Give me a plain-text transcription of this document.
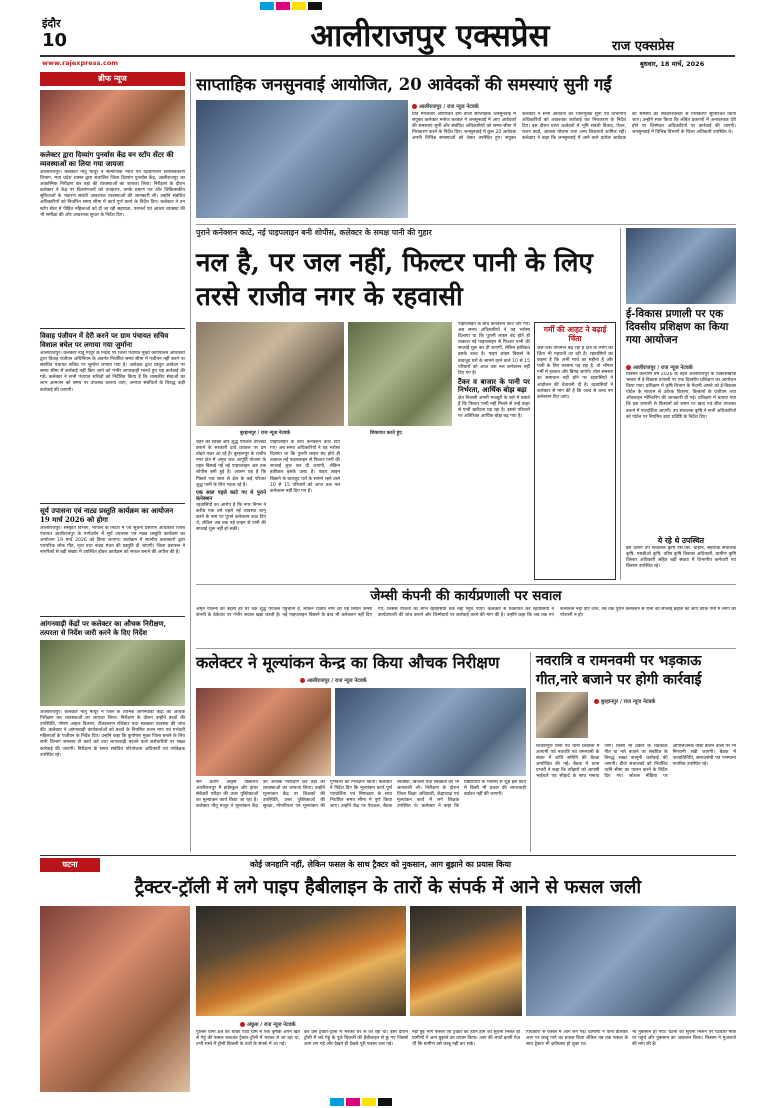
इंदौर
10	आलीराजपुर एक्सप्रेस	राज एक्सप्रेस
www.rajexpress.com	बुधवार, 18 मार्च, 2026
ब्रीफ न्यूज
कलेक्टर द्वारा दिव्यांग पुनर्वास केंद्र वन स्टॉप सेंटर की व्यवस्थाओं का लिया गया जायजा
आलीराजपुर। कलेक्टर नीतू माथुर ने सामाजिक न्याय एवं दिव्यांगजन सशक्तिकरण विभाग, मध्य प्रदेश शासन द्वारा संचालित जिला दिव्यांग पुनर्वास केंद्र, आलीराजपुर का आकस्मिक निरीक्षण कर वहां की व्यवस्थाओं का जायजा लिया। निरीक्षण के दौरान कलेक्टर ने केंद्र पर दिव्यांगजनों को उपकरण, उनके प्रमाण पत्र और चिकित्सकीय सुविधाओं के भंडारण संबंधी आवश्यक व्यवस्थाओं की जानकारी ली। उन्होंने संबंधित अधिकारियों को निर्धारित समय सीमा में कार्य पूर्ण करने के निर्देश दिए। कलेक्टर ने वन स्टॉप सेंटर में पीड़ित महिलाओं को दी जा रही सहायता, परामर्श एवं आश्रय व्यवस्था की भी समीक्षा की और आवश्यक सुधार के निर्देश दिए।
विवाह पंजीयन में देरी करने पर ग्राम पंचायत सचिव विशाल बघेल पर लगाया गया जुर्माना
आलीराजपुर। कलेक्टर नीतू माथुर के निर्देश पर जिला पंचायत मुख्य कार्यपालन अधिकारी द्वारा विवाह पंजीयन अधिनियम के अंतर्गत निर्धारित समय सीमा में पंजीयन नहीं करने पर संबंधित पंचायत सचिव पर जुर्माना लगाया गया है। आवेदक द्वारा प्रस्तुत आवेदन पर समय सीमा में कार्रवाई नहीं किए जाने को गंभीर लापरवाही मानते हुए यह कार्रवाई की गई। कलेक्टर ने सभी पंचायत सचिवों को निर्देशित किया है कि शासकीय सेवाओं का लाभ आमजन को समय पर उपलब्ध कराया जाए, अन्यथा संबंधितों के विरुद्ध कड़ी कार्रवाई की जाएगी।
सूर्य उपासना एवं नाट्य प्रस्तुति कार्यक्रम का आयोजन 19 मार्च 2026 को होगा
आलीराजपुर। संस्कृति विभाग, भोपाल के निर्देश में एवं सूचना प्रसारण अधिकारी जिला पंचायत आलीराजपुर के मार्गदर्शन में सूर्य उपासना एवं नाट्य प्रस्तुति कार्यक्रम का आयोजन 19 मार्च 2026 को किया जाएगा। कार्यक्रम में स्थानीय कलाकारों द्वारा पारंपरिक लोक गीत, नृत्य तथा नाट्य मंचन की प्रस्तुति दी जाएगी। जिला प्रशासन ने नागरिकों से बड़ी संख्या में उपस्थित होकर कार्यक्रम को सफल बनाने की अपील की है।
आंगनवाड़ी केंद्रों पर कलेक्टर का औचक निरीक्षण, तत्परता से निर्देश जारी करने के दिए निर्देश
आलीराजपुर। कलेक्टर नीतू माथुर ने जिले के विभिन्न आंगनवाड़ी केंद्रों का औचक निरीक्षण कर व्यवस्थाओं का जायजा लिया। निरीक्षण के दौरान उन्होंने बच्चों की उपस्थिति, पोषण आहार वितरण, टीकाकरण रजिस्टर तथा स्वच्छता व्यवस्था की जांच की। कलेक्टर ने आंगनवाड़ी कार्यकर्ताओं को बच्चों के नियमित वजन माप एवं गर्भवती महिलाओं के पंजीयन के निर्देश दिए। उन्होंने कहा कि कुपोषण मुक्त जिला बनाने के लिए सभी विभाग समन्वय से कार्य करें तथा लापरवाही बरतने वाले कर्मचारियों पर सख्त कार्रवाई की जाएगी। निरीक्षण के समय संबंधित परियोजना अधिकारी एवं पर्यवेक्षक उपस्थित रहे।
साप्ताहिक जनसुनवाई आयोजित, 20 आवेदकों की समस्याएं सुनी गईं
आलीराजपुर / राज न्यूज नेटवर्क
प्रति मंगलवार आयोजित होने वाली साप्ताहिक जनसुनवाई में संयुक्त कलेक्टर मनोज करबल ने जनसुनवाई में आए आवेदकों की समस्याएं सुनीं और संबंधित अधिकारियों को समय-सीमा में निराकरण करने के निर्देश दिए। जनसुनवाई में कुल 20 आवेदक अपनी विभिन्न समस्याओं को लेकर उपस्थित हुए। संयुक्त कलेक्टर ने सभी आवेदनों को ध्यानपूर्वक सुना एवं विभागीय अधिकारियों को आवश्यक कार्रवाई कर निराकरण के निर्देश दिए। इस दौरान प्राप्त आवेदनों में भूमि संबंधी विवाद, पेंशन, राशन कार्ड, आवास योजना तथा अन्य शिकायतें शामिल रहीं। कलेक्टर ने कहा कि जनसुनवाई में आने वाले प्रत्येक आवेदक की समस्या का संवेदनशीलता से निराकरण सुनिश्चित किया जाए। उन्होंने स्पष्ट किया कि लंबित प्रकरणों में अनावश्यक देरी होने पर जिम्मेदार अधिकारियों पर कार्रवाई की जाएगी। जनसुनवाई में विभिन्न विभागों के जिला अधिकारी उपस्थित थे।
पुराने कनेक्शन काटे, नई पाइपलाइन बनी शोपीस, कलेक्टर के समक्ष पानी की गुहार
नल है, पर जल नहीं, फिल्टर पानी के लिए तरसे राजीव नगर के रहवासी
बुरहानपुर / राज न्यूज नेटवर्क	शिकायत करते हुए
शहर की स्वच्छ और शुद्ध पेयजल उपलब्ध कराने के सरकारी दावे धरातल पर दम तोड़ते नजर आ रहे हैं। बुरहानपुर के राजीव नगर क्षेत्र में अमृत जल आपूर्ति योजना के तहत बिछाई गई नई पाइपलाइन अब तक शोपीस बनी हुई है। आलम यह है कि पिछले एक साल से क्षेत्र के कई परिवार शुद्ध पानी के लिए भटक रहे हैं।
एक साल पहले काटे गए थे पुराने कनेक्शन
रहवासियों का आरोप है कि नगर निगम ने करीब एक वर्ष पहले नई व्यवस्था लागू करने के नाम पर पुराने कनेक्शन काट दिए थे, लेकिन अब तक नई लाइन से पानी की सप्लाई शुरू नहीं हो सकी।
पाइपलाइन के बीच कनेक्शन काट दिए गए। अब समय अधिकारियों ने यह भरोसा दिलाया था कि पुरानी लाइन बंद होते ही तत्काल नई पाइपलाइन से फिल्टर पानी की सप्लाई शुरू कर दी जाएगी, लेकिन हकीकत इसके उलट है। पाइप लाइन बिछाने के बावजूद घरों के सामने रहने वाले 10 से 15 परिवारों को आज तक नल कनेक्शन नहीं दिए गए हैं।
पाइपलाइन के बीच कनेक्शन काट दिए गए। अब समय अधिकारियों ने यह भरोसा दिलाया था कि पुरानी लाइन बंद होते ही तत्काल नई पाइपलाइन से फिल्टर पानी की सप्लाई शुरू कर दी जाएगी, लेकिन हकीकत इसके उलट है। पाइप लाइन बिछाने के बावजूद घरों के सामने रहने वाले 10 से 15 परिवारों को आज तक नल कनेक्शन नहीं दिए गए हैं।
टैंकर व बाजार के पानी पर निर्भरता, आर्थिक बोझ बढ़ा
क्षेत्र निवासी अपनी मजबूरी के बारे में बताते हैं कि फिल्टर पानी नहीं मिलने से उन्हें बाहर से पानी खरीदना पड़ रहा है। इससे परिवारों पर अतिरिक्त आर्थिक बोझ बढ़ गया है।
गर्मी की आहट ने बढ़ाई चिंता
जैसे-जैसे तापमान बढ़ रहा है क्षेत्र के लोगों की चिंता भी गहराती जा रही है। रहवासियों का कहना है कि अभी मार्च का महीना है और पानी के लिए तरसना पड़ रहा है, तो भीषण गर्मी में हालात और बिगड़ जाएंगे। ठोस समस्या का समाधान नहीं होने पर रहवासियों ने आंदोलन की चेतावनी दी है। रहवासियों ने कलेक्टर से मांग की है कि जल्द से जल्द नए कनेक्शन दिए जाएं।
ई-विकास प्रणाली पर एक दिवसीय प्रशिक्षण का किया गया आयोजन
आलीराजपुर / राज न्यूज नेटवर्क
किसान कल्याण वर्ष 2026 के तहत आलीराजपुर के विकासखण्ड भाबरा में ई-विकास प्रणाली पर एक दिवसीय प्रशिक्षण का आयोजन किया गया। प्रशिक्षण में कृषि विभाग के मैदानी अमले को ई-विकास पोर्टल के माध्यम से उर्वरक वितरण, किसानों के पंजीयन तथा ऑनलाइन मॉनिटरिंग की जानकारी दी गई। प्रशिक्षण में बताया गया कि इस प्रणाली से किसानों को समय पर खाद एवं बीज उपलब्ध कराने में पारदर्शिता आएगी। उप संचालक कृषि ने सभी अधिकारियों को पोर्टल पर नियमित डाटा प्रविष्टि के निर्देश दिए।
ये रहे थे उपस्थित
इस दौरान उप संचालक कृषि एस.एस. चौहान, सहायक संचालक कृषि, एसडीओ कृषि, वरिष्ठ कृषि विकास अधिकारी, ग्रामीण कृषि विस्तार अधिकारी सहित बड़ी संख्या में विभागीय कर्मचारी एवं किसान उपस्थित रहे।
जेम्सी कंपनी की कार्यप्रणाली पर सवाल
अमृत योजना का उद्देश्य हर घर तक शुद्ध पेयजल पहुंचाना है, लेकिन राजीव नगर की यह स्थिति जेम्सी कंपनी के ठेकेदार पर गंभीर सवाल खड़ा करती है। नई पाइपलाइन बिछाने के बाद भी कनेक्शन नहीं दिए गए, जिससे योजना का लाभ रहवासियों तक नहीं पहुंच पाया। कलेक्टर से शिकायत कर रहवासियों ने कार्यप्रणाली की जांच कराने और जिम्मेदारों पर कार्रवाई करने की मांग की है। उन्होंने कहा कि जब तक नए कनेक्शन नहीं दिए जाते, तब तक पुराने कनेक्शन से पानी की सप्लाई बहाल की जाए ताकि गर्मी में लोगों को परेशानी न हो।
कलेक्टर ने मूल्यांकन केन्द्र का किया औचक निरीक्षण
आलीराजपुर / राज न्यूज नेटवर्क
सन प्रताप उत्कृष्ट विद्यालय आलीराजपुर में हाईस्कूल और हायर सेकेंडरी परीक्षा की उत्तर पुस्तिकाओं का मूल्यांकन कार्य किया जा रहा है। कलेक्टर नीतू माथुर ने मूल्यांकन केंद्र का औचक निरीक्षण कर वहां की व्यवस्थाओं का जायजा लिया। उन्होंने मूल्यांकन केंद्र पर शिक्षकों की उपस्थिति, उत्तर पुस्तिकाओं की सुरक्षा, गोपनीयता एवं मूल्यांकन की गुणवत्ता का निरीक्षण किया। कलेक्टर ने निर्देश दिए कि मूल्यांकन कार्य पूर्ण पारदर्शिता एवं निष्पक्षता के साथ निर्धारित समय सीमा में पूर्ण किया जाए। उन्होंने केंद्र पर पेयजल, बैठक व्यवस्था, बिजली तथा स्वच्छता की भी जानकारी ली। निरीक्षण के दौरान जिला शिक्षा अधिकारी, केंद्राध्यक्ष एवं मूल्यांकन कार्य में लगे शिक्षक उपस्थित थे। कलेक्टर ने कहा कि विद्यार्थियों के भविष्य से जुड़े इस कार्य में किसी भी प्रकार की लापरवाही बर्दाश्त नहीं की जाएगी।
नवरात्रि व रामनवमी पर भड़काऊ गीत,नारे बजाने पर होगी कार्रवाई
बुरहानपुर / राज न्यूज नेटवर्क
शिकारपुरा थाना एवं थाना लिबोला में आगामी पर्व नवरात्रि एवं रामनवमी के संबंध में शांति समिति की बैठक आयोजित की गई। बैठक में थाना प्रभारी ने कहा कि त्यौहारों को आपसी भाईचारे एवं सौहार्द के साथ मनाया जाए। किसी भी प्रकार के भड़काऊ गीत या नारे बजाने पर संबंधित के विरुद्ध सख्त कानूनी कार्रवाई की जाएगी। डीजे संचालकों को निर्धारित ध्वनि सीमा का पालन करने के निर्देश दिए गए। सोशल मीडिया पर आपत्तिजनक पोस्ट डालने वालों पर भी निगरानी रखी जाएगी। बैठक में जनप्रतिनिधि, समाजसेवी एवं गणमान्य नागरिक उपस्थित रहे।
घटना	कोई जनहानि नहीं, लेकिन फसल के साथ ट्रैक्टर को नुकसान, आग बुझाने का प्रयास किया
ट्रैक्टर-ट्रॉली में लगे पाइप हैबीलाइन के तारों के संपर्क में आने से फसल जली
अंकुश / राज न्यूज नेटवर्क
पुलिस थाना क्षेत्र की चौकी पाटी ग्राम में एक कृषक अपने खेत से गेहूं की फसल काटकर ट्रैक्टर-ट्रॉली में भरकर ले जा रहा था, तभी रास्ते में ट्रॉली बिजली के तारों के संपर्क में आ गई।
कर उसे ट्रैक्टर-ट्रॉली में भरकर घर ले जा रहा था। इसी दौरान ट्रॉली में लदे गेहूं के पूले बिजली की हैबीलाइन से छू गए जिससे आग लग गई और देखते ही देखते पूरी फसल जल गई।
नहीं हुई भाग फसल एवं ट्रैक्टर को हानि होने की सूचना मिलते ही ग्रामीणों ने आग बुझाने का प्रयास किया। आग की लपटें इतनी तेज थीं कि ग्रामीण उसे काबू नहीं कर सके।
पिचकारी से फसल में आग लग गई। ग्रामीणों ने पानी डालकर आग पर काबू पाने का प्रयास किया लेकिन तब तक फसल के साथ ट्रैक्टर भी क्षतिग्रस्त हो चुका था।
भी नुकसान हो गया। घटना की सूचना मिलने पर पटवारी मौके पर पहुंचे और नुकसान का आकलन किया। किसान ने मुआवजे की मांग की है।
